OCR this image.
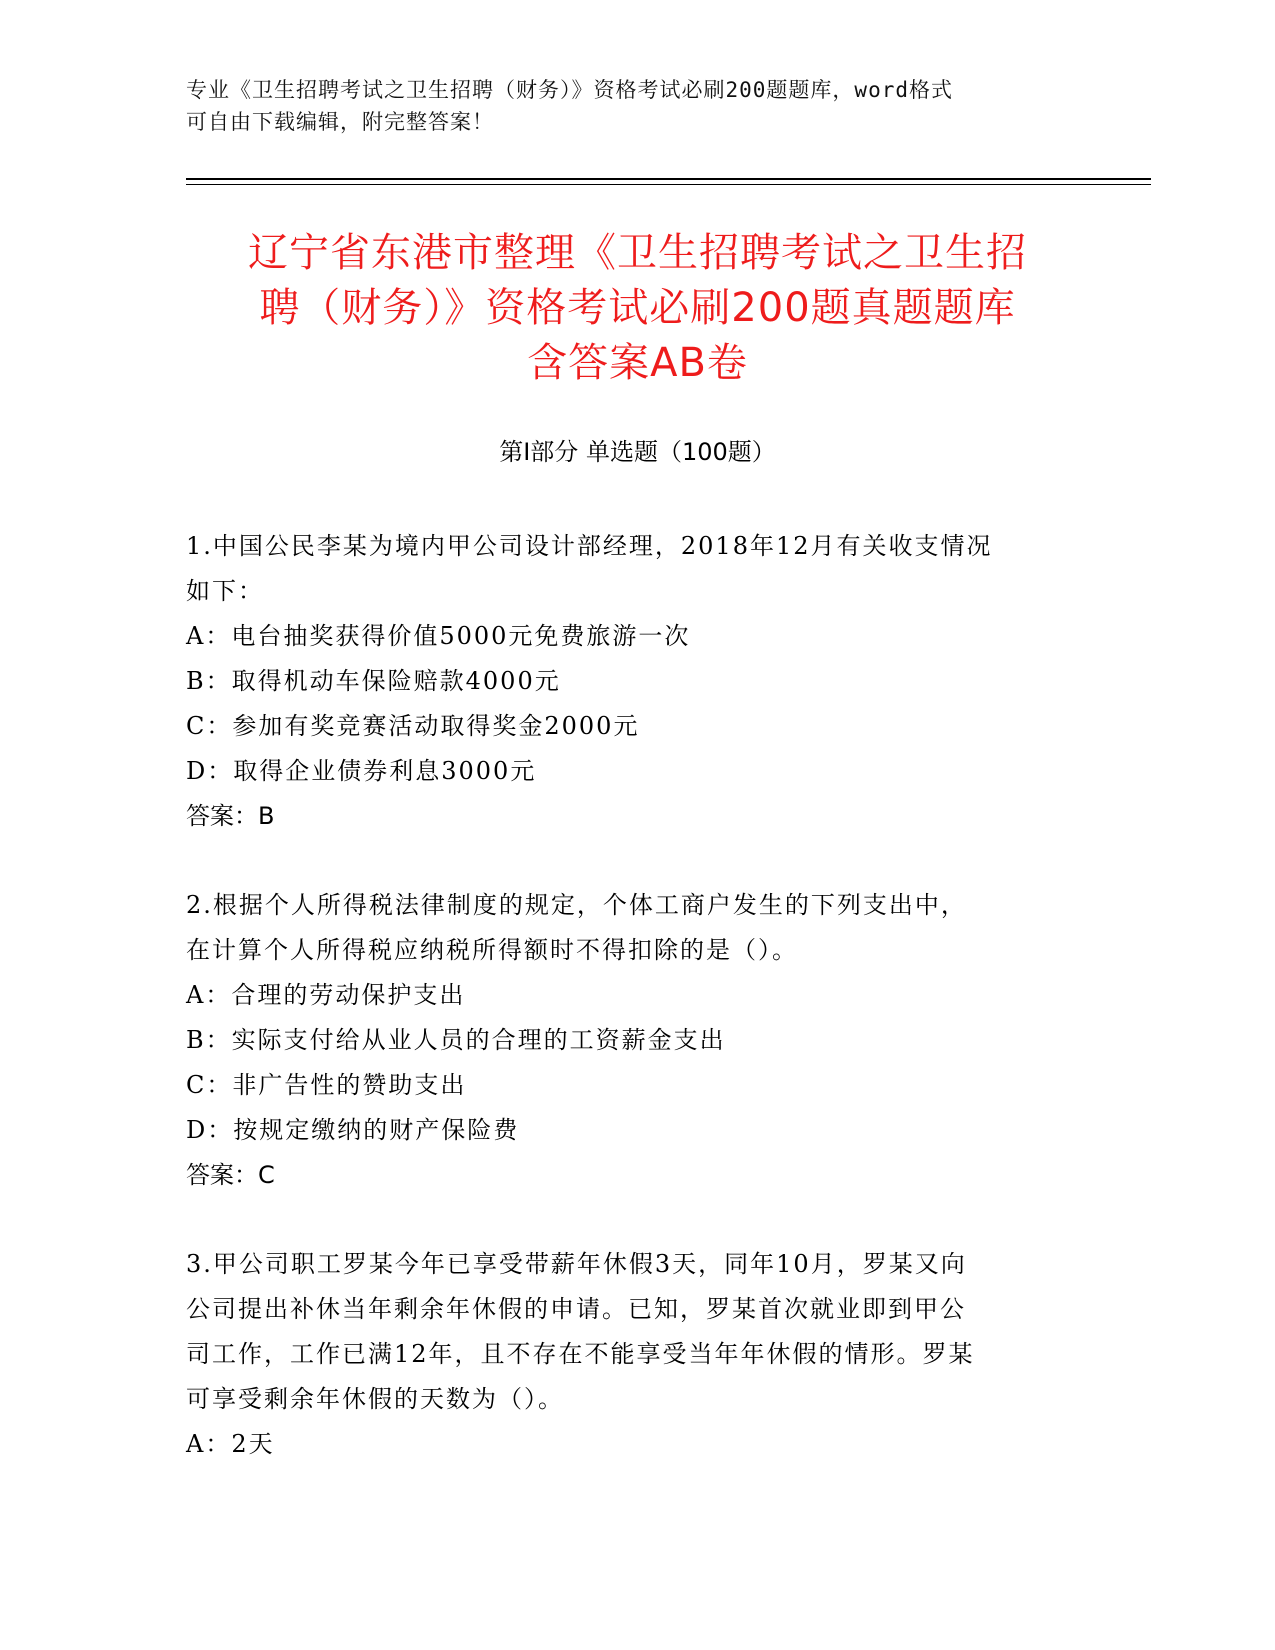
专业《卫生招聘考试之卫生招聘（财务）》资格考试必刷200题题库，word格式
可自由下载编辑，附完整答案！
辽宁省东港市整理《卫生招聘考试之卫生招
聘（财务）》资格考试必刷200题真题题库
含答案AB卷
第I部分 单选题（100题）

1.中国公民李某为境内甲公司设计部经理，2018年12月有关收支情况

如下：

A：电台抽奖获得价值5000元免费旅游一次

B：取得机动车保险赔款4000元

C：参加有奖竞赛活动取得奖金2000元

D：取得企业债券利息3000元

答案：B

2.根据个人所得税法律制度的规定，个体工商户发生的下列支出中，

在计算个人所得税应纳税所得额时不得扣除的是（）。

A：合理的劳动保护支出

B：实际支付给从业人员的合理的工资薪金支出

C：非广告性的赞助支出

D：按规定缴纳的财产保险费

答案：C

3.甲公司职工罗某今年已享受带薪年休假3天，同年10月，罗某又向

公司提出补休当年剩余年休假的申请。已知，罗某首次就业即到甲公

司工作，工作已满12年，且不存在不能享受当年年休假的情形。罗某

可享受剩余年休假的天数为（）。

A：2天
